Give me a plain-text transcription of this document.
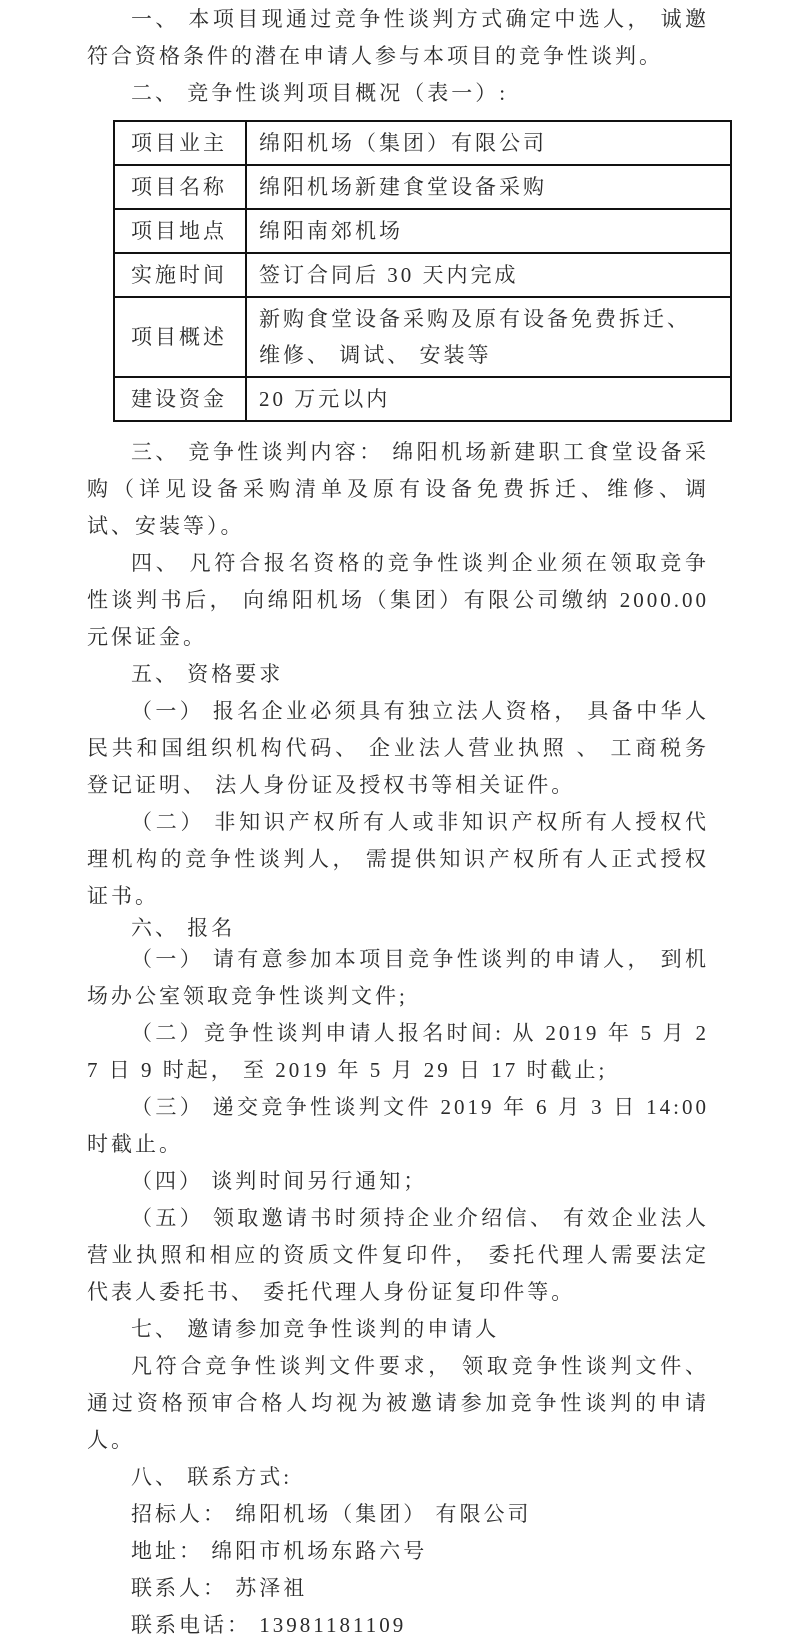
一、 本项目现通过竞争性谈判方式确定中选人， 诚邀符合资格条件的潜在申请人参与本项目的竞争性谈判。

二、 竞争性谈判项目概况（表一）:

项目业主	绵阳机场（集团）有限公司
项目名称	绵阳机场新建食堂设备采购
项目地点	绵阳南郊机场
实施时间	签订合同后 30 天内完成
项目概述	新购食堂设备采购及原有设备免费拆迁、 维修、 调试、 安装等
建设资金	20 万元以内

三、 竞争性谈判内容： 绵阳机场新建职工食堂设备采购（详见设备采购清单及原有设备免费拆迁、维修、调试、安装等）。

四、 凡符合报名资格的竞争性谈判企业须在领取竞争性谈判书后， 向绵阳机场（集团）有限公司缴纳 2000.00 元保证金。

五、 资格要求

（一） 报名企业必须具有独立法人资格， 具备中华人民共和国组织机构代码、 企业法人营业执照 、 工商税务登记证明、 法人身份证及授权书等相关证件。

（二） 非知识产权所有人或非知识产权所有人授权代理机构的竞争性谈判人， 需提供知识产权所有人正式授权证书。

六、 报名

（一） 请有意参加本项目竞争性谈判的申请人， 到机场办公室领取竞争性谈判文件;

（二）竞争性谈判申请人报名时间: 从 2019 年 5 月 27 日 9 时起， 至 2019 年 5 月 29 日 17 时截止;

（三） 递交竞争性谈判文件 2019 年 6 月 3 日 14:00 时截止。

（四） 谈判时间另行通知；

（五） 领取邀请书时须持企业介绍信、 有效企业法人营业执照和相应的资质文件复印件， 委托代理人需要法定代表人委托书、 委托代理人身份证复印件等。

七、 邀请参加竞争性谈判的申请人

凡符合竞争性谈判文件要求， 领取竞争性谈判文件、 通过资格预审合格人均视为被邀请参加竞争性谈判的申请人。

八、 联系方式:

招标人： 绵阳机场（集团） 有限公司

地址： 绵阳市机场东路六号

联系人： 苏泽祖

联系电话： 13981181109
